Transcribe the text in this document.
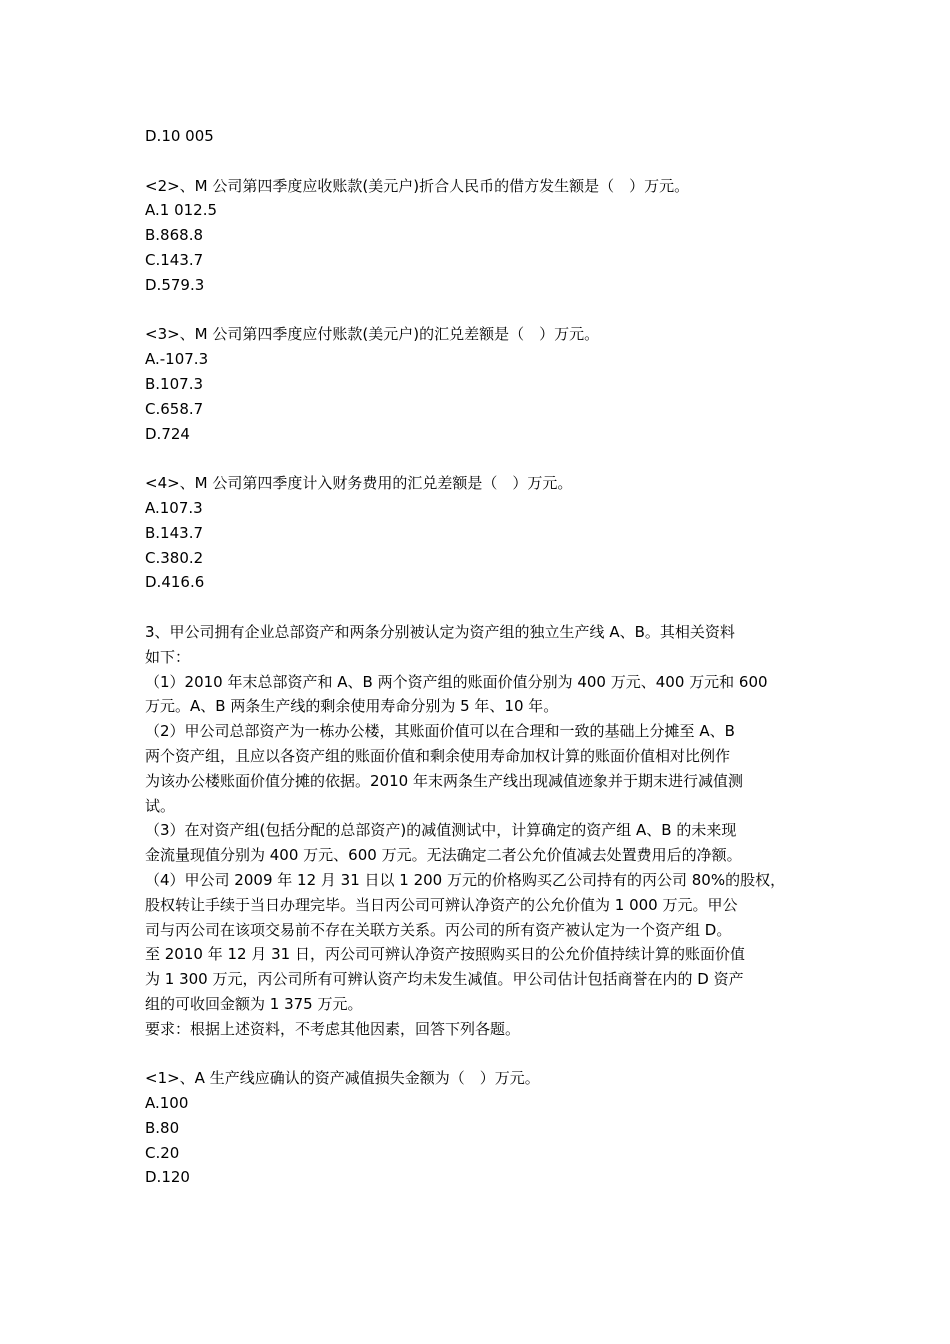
D.10 005
<2>、M 公司第四季度应收账款(美元户)折合人民币的借方发生额是（　）万元。
A.1 012.5
B.868.8
C.143.7
D.579.3
<3>、M 公司第四季度应付账款(美元户)的汇兑差额是（　）万元。
A.-107.3
B.107.3
C.658.7
D.724
<4>、M 公司第四季度计入财务费用的汇兑差额是（　）万元。
A.107.3
B.143.7
C.380.2
D.416.6
3、甲公司拥有企业总部资产和两条分别被认定为资产组的独立生产线 A、B。其相关资料
如下：
（1）2010 年末总部资产和 A、B 两个资产组的账面价值分别为 400 万元、400 万元和 600
万元。A、B 两条生产线的剩余使用寿命分别为 5 年、10 年。
（2）甲公司总部资产为一栋办公楼，其账面价值可以在合理和一致的基础上分摊至 A、B
两个资产组，且应以各资产组的账面价值和剩余使用寿命加权计算的账面价值相对比例作
为该办公楼账面价值分摊的依据。2010 年末两条生产线出现减值迹象并于期末进行减值测
试。
（3）在对资产组(包括分配的总部资产)的减值测试中，计算确定的资产组 A、B 的未来现
金流量现值分别为 400 万元、600 万元。无法确定二者公允价值减去处置费用后的净额。
（4）甲公司 2009 年 12 月 31 日以 1 200 万元的价格购买乙公司持有的丙公司 80%的股权，
股权转让手续于当日办理完毕。当日丙公司可辨认净资产的公允价值为 1 000 万元。甲公
司与丙公司在该项交易前不存在关联方关系。丙公司的所有资产被认定为一个资产组 D。
至 2010 年 12 月 31 日，丙公司可辨认净资产按照购买日的公允价值持续计算的账面价值
为 1 300 万元，丙公司所有可辨认资产均未发生减值。甲公司估计包括商誉在内的 D 资产
组的可收回金额为 1 375 万元。
要求：根据上述资料，不考虑其他因素，回答下列各题。
<1>、A 生产线应确认的资产减值损失金额为（　）万元。
A.100
B.80
C.20
D.120
